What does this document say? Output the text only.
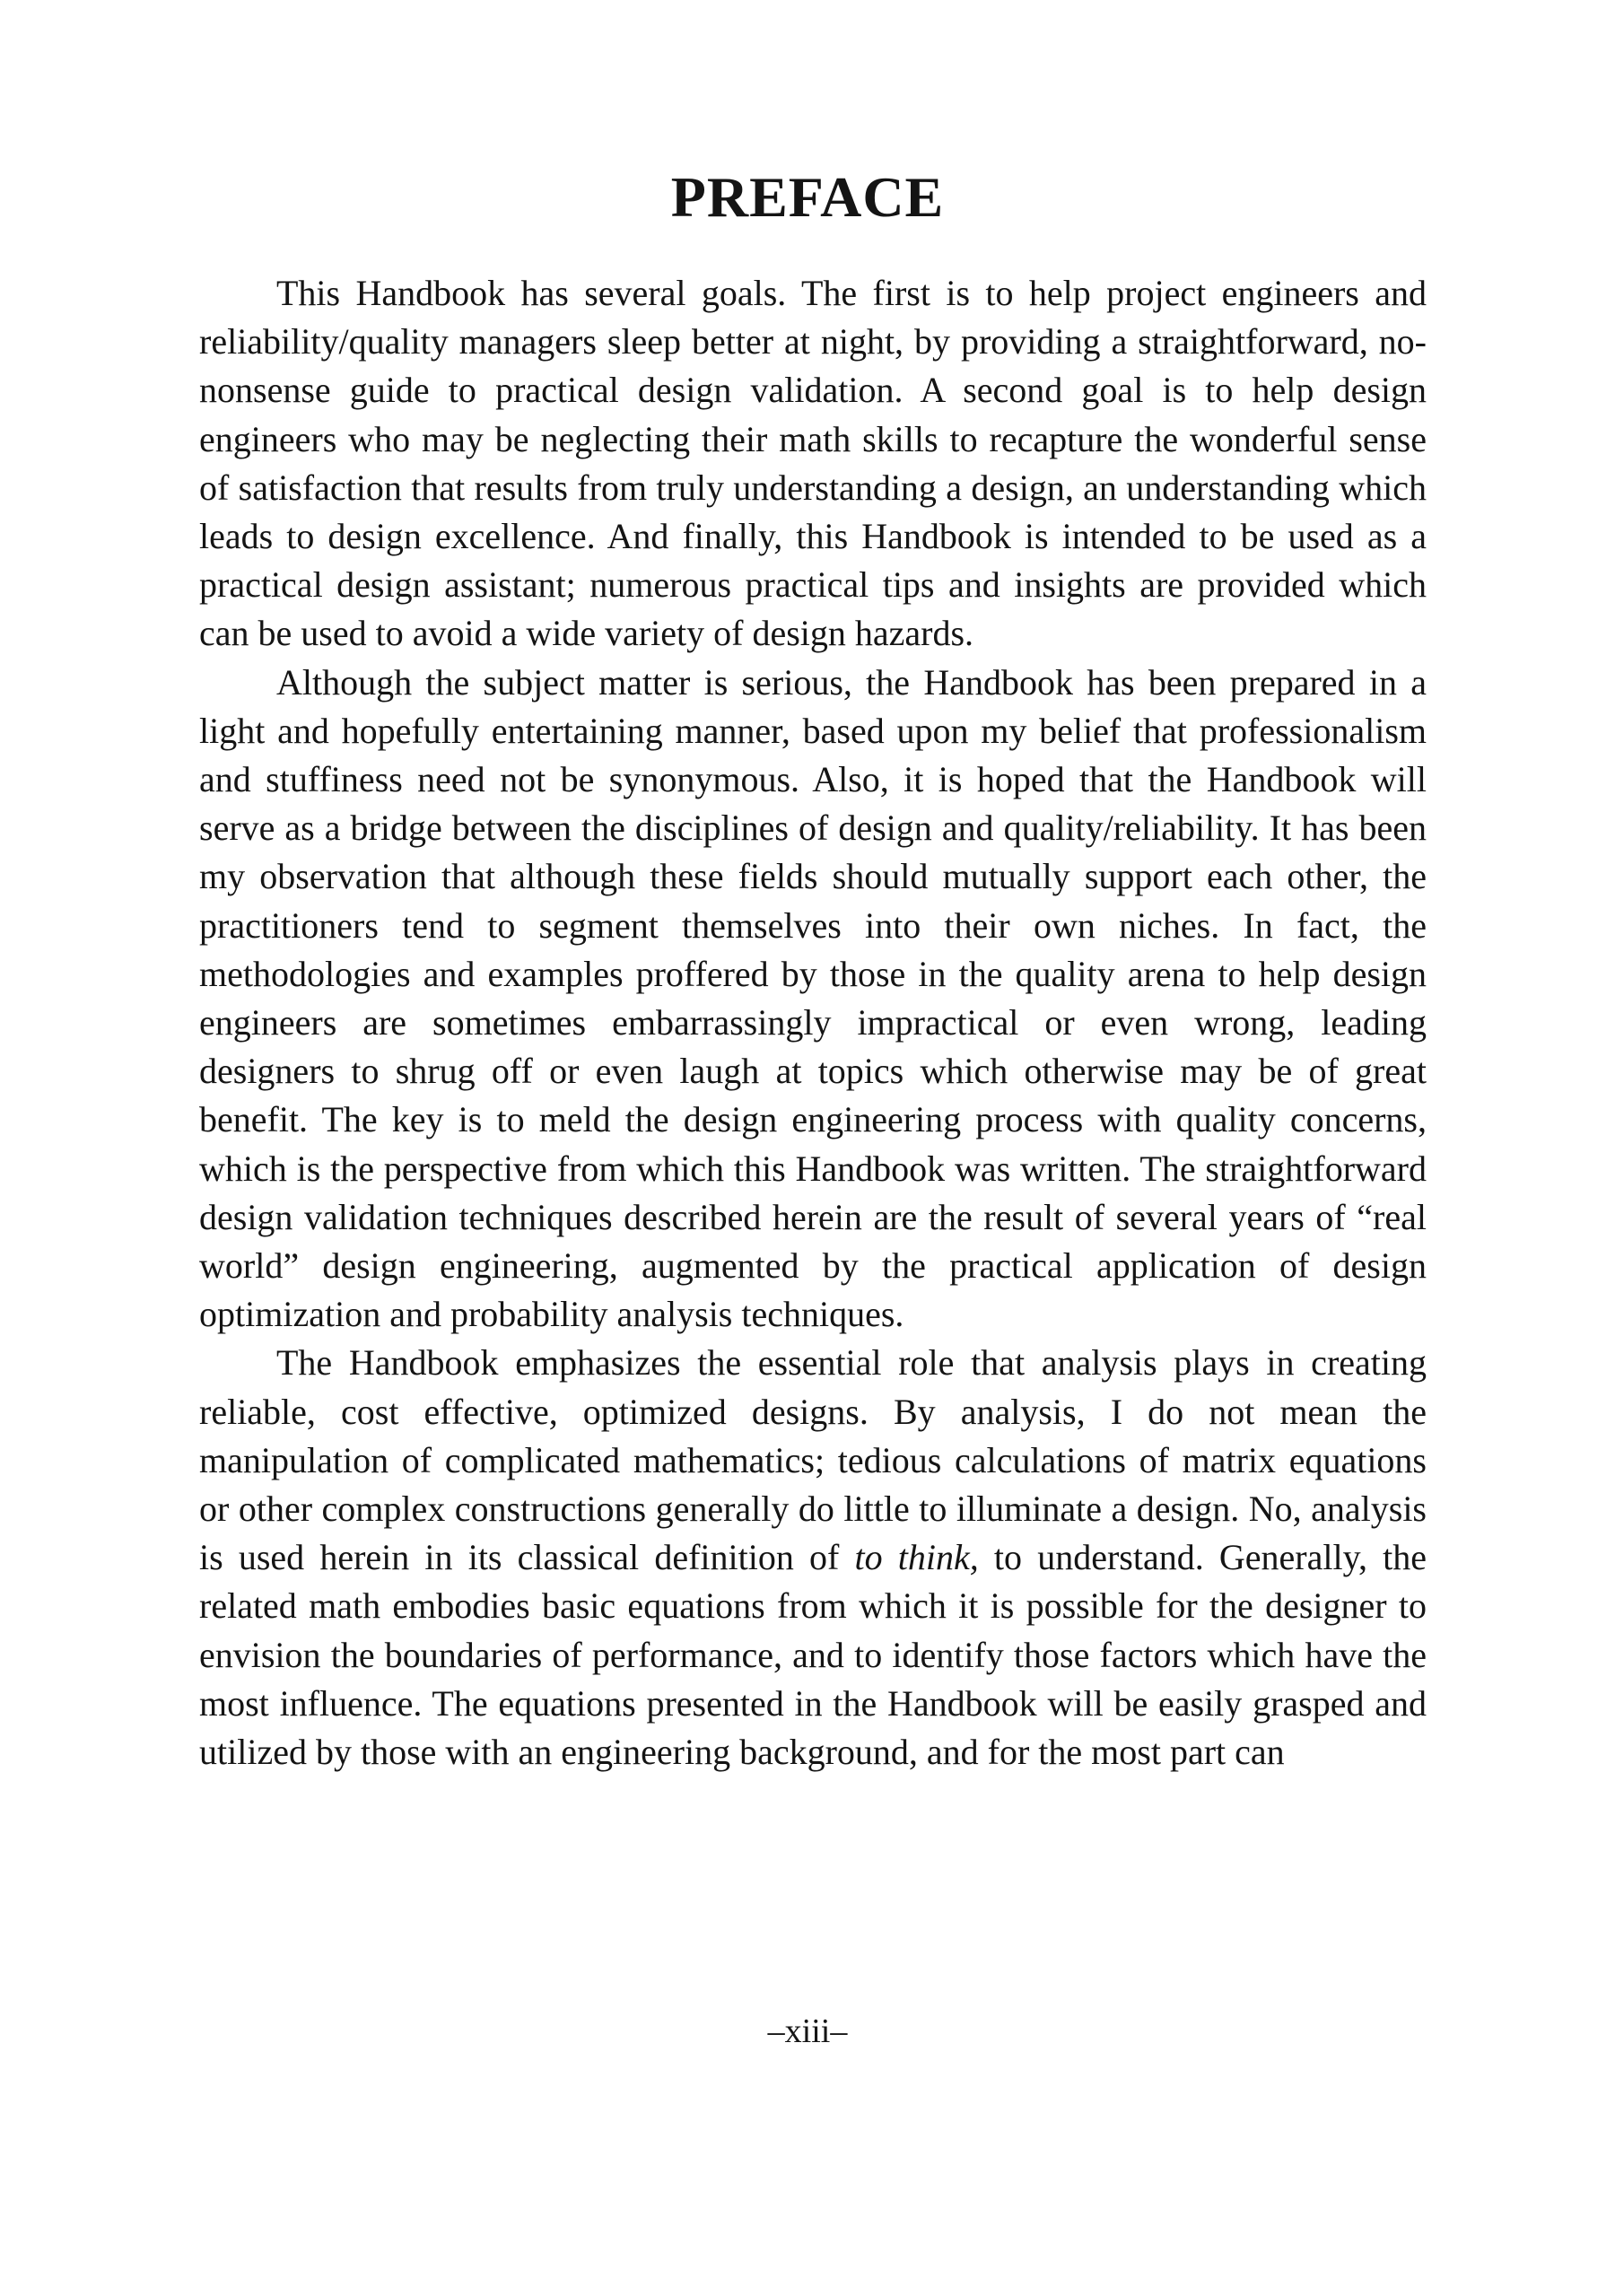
PREFACE

This Handbook has several goals. The first is to help project engineers and reliability/quality managers sleep better at night, by providing a straightforward, no-nonsense guide to practical design validation. A second goal is to help design engineers who may be neglecting their math skills to recapture the wonderful sense of satisfaction that results from truly understanding a design, an understanding which leads to design excellence. And finally, this Handbook is intended to be used as a practical design assistant; numerous practical tips and insights are provided which can be used to avoid a wide variety of design hazards.

Although the subject matter is serious, the Handbook has been prepared in a light and hopefully entertaining manner, based upon my belief that professionalism and stuffiness need not be synonymous. Also, it is hoped that the Handbook will serve as a bridge between the disciplines of design and quality/reliability. It has been my observation that although these fields should mutually support each other, the practitioners tend to segment themselves into their own niches. In fact, the methodologies and examples proffered by those in the quality arena to help design engineers are sometimes embarrassingly impractical or even wrong, leading designers to shrug off or even laugh at topics which otherwise may be of great benefit. The key is to meld the design engineering process with quality concerns, which is the perspective from which this Handbook was written. The straightforward design validation techniques described herein are the result of several years of “real world” design engineering, augmented by the practical application of design optimization and probability analysis techniques.

The Handbook emphasizes the essential role that analysis plays in creating reliable, cost effective, optimized designs. By analysis, I do not mean the manipulation of complicated mathematics; tedious calculations of matrix equations or other complex constructions generally do little to illuminate a design. No, analysis is used herein in its classical definition of to think, to understand. Generally, the related math embodies basic equations from which it is possible for the designer to envision the boundaries of performance, and to identify those factors which have the most influence. The equations presented in the Handbook will be easily grasped and utilized by those with an engineering background, and for the most part can

–xiii–
